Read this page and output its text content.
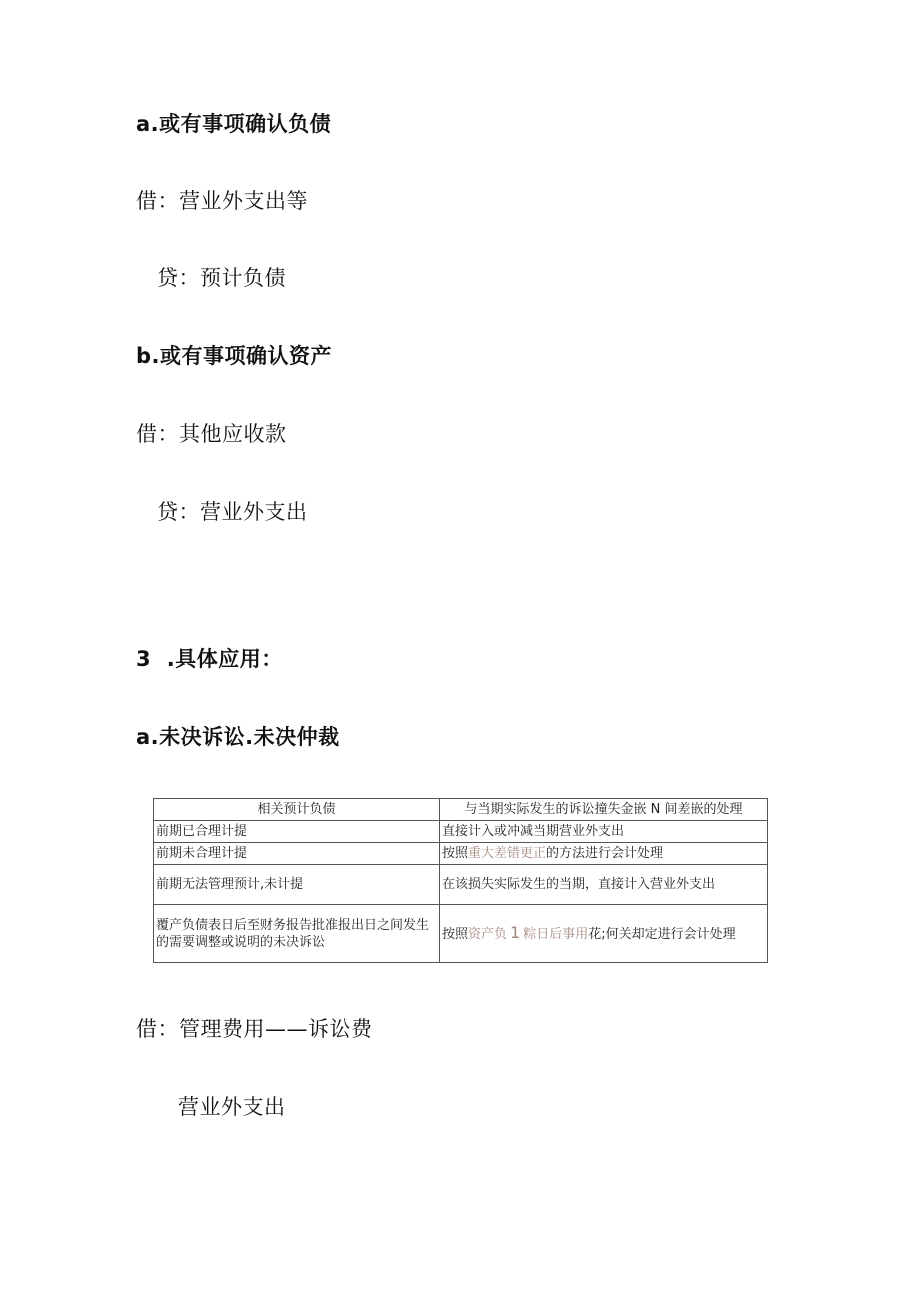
a.或有事项确认负债
借：营业外支出等
贷：预计负债
b.或有事项确认资产
借：其他应收款
贷：营业外支出
3  .具体应用：
a.未决诉讼.未决仲裁
相关预计负债	与当期实际发生的诉讼撞失金嵌 N 间差嵌的处理
前期已合理计提	直接计入或冲减当期营业外支出
前期未合理计提	按照重大差错更正的方法进行会计处理
前期无法管理预计,未计提	在该损失实际发生的当期，直接计入营业外支出
覆产负债表日后至财务报告批准报出日之间发生的需要调整或说明的未决诉讼	按照资产负 1 粽日后事用花;何关却定进行会计处理
借：管理费用——诉讼费
营业外支出
